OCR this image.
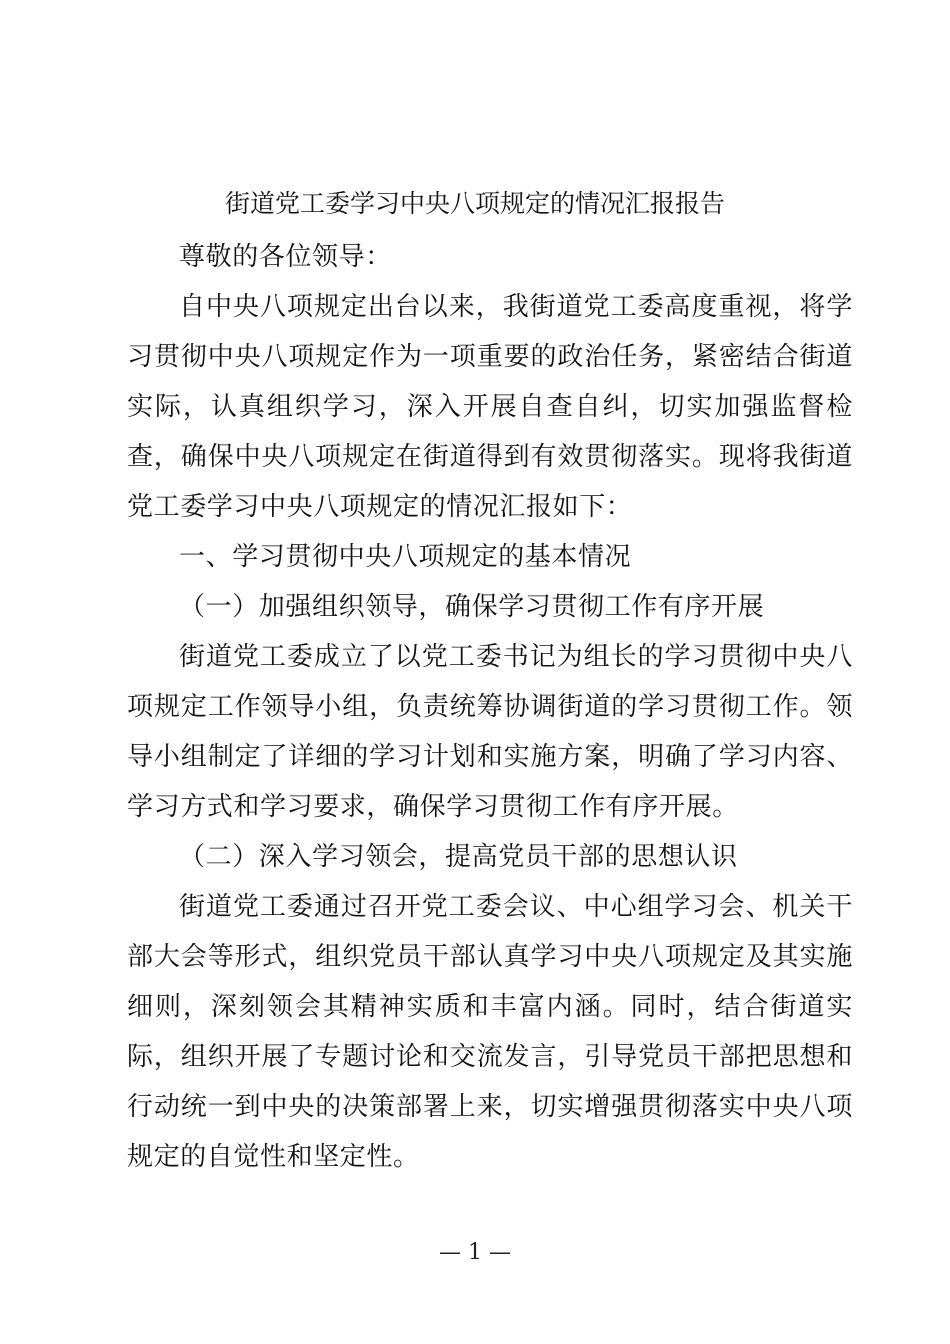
街道党工委学习中央八项规定的情况汇报报告

尊敬的各位领导：

自中央八项规定出台以来，我街道党工委高度重视，将学习贯彻中央八项规定作为一项重要的政治任务，紧密结合街道实际，认真组织学习，深入开展自查自纠，切实加强监督检查，确保中央八项规定在街道得到有效贯彻落实。现将我街道党工委学习中央八项规定的情况汇报如下：

一、学习贯彻中央八项规定的基本情况

（一）加强组织领导，确保学习贯彻工作有序开展

街道党工委成立了以党工委书记为组长的学习贯彻中央八项规定工作领导小组，负责统筹协调街道的学习贯彻工作。领导小组制定了详细的学习计划和实施方案，明确了学习内容、学习方式和学习要求，确保学习贯彻工作有序开展。

（二）深入学习领会，提高党员干部的思想认识

街道党工委通过召开党工委会议、中心组学习会、机关干部大会等形式，组织党员干部认真学习中央八项规定及其实施细则，深刻领会其精神实质和丰富内涵。同时，结合街道实际，组织开展了专题讨论和交流发言，引导党员干部把思想和行动统一到中央的决策部署上来，切实增强贯彻落实中央八项规定的自觉性和坚定性。

— 1 —
